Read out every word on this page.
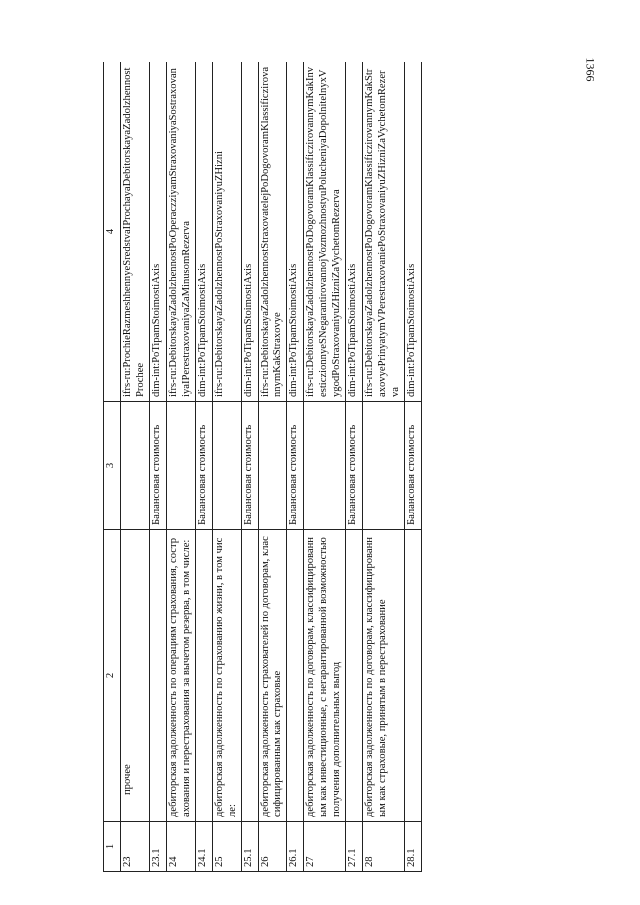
1366
1	2	3	4
23	прочее		ifrs-ru:ProchieRazmeshhennyeSredstvaIProchayaDebitorskayaZadolzhennostProchee
23.1		Балансовая стоимость	dim-int:PoTipamStoimostiAxis
24	дебиторская задолженность по операциям страхования, сострахования и перестрахования за вычетом резерва, в том числе:		ifrs-ru:DebitorskayaZadolzhennostPoOperaczziyamStraxovaniyaSostraxovaniyaIPerestraxovaniyaZaMinusomRezerva
24.1		Балансовая стоимость	dim-int:PoTipamStoimostiAxis
25	дебиторская задолженность по страхованию жизни, в том числе:		ifrs-ru:DebitorskayaZadolzhennostPoStraxovaniyuZHizni
25.1		Балансовая стоимость	dim-int:PoTipamStoimostiAxis
26	дебиторская задолженность страхователей по договорам, классифицированным как страховые		ifrs-ru:DebitorskayaZadolzhennostStraxovatelejPoDogovoramKlassificzirovannymKakStraxovye
26.1		Балансовая стоимость	dim-int:PoTipamStoimostiAxis
27	дебиторская задолженность по договорам, классифицированным как инвестиционные, с негарантированной возможностью получения дополнительных выгод		ifrs-ru:DebitorskayaZadolzhennostPoDogovoramKlassificzirovannymKakInvesticzionnyeSNegarantirovannojVozmozhnostyuPolucheniyaDopolnitelnyxVygodPoStraxovaniyuZHizniZaVychetomRezerva
27.1		Балансовая стоимость	dim-int:PoTipamStoimostiAxis
28	дебиторская задолженность по договорам, классифицированным как страховые, принятым в перестрахование		ifrs-ru:DebitorskayaZadolzhennostPoDogovoramKlassificzirovannymKakStraxovyePrinyatymVPerestraxovaniePoStraxovaniyuZHizniZaVychetomRezerva
28.1		Балансовая стоимость	dim-int:PoTipamStoimostiAxis
